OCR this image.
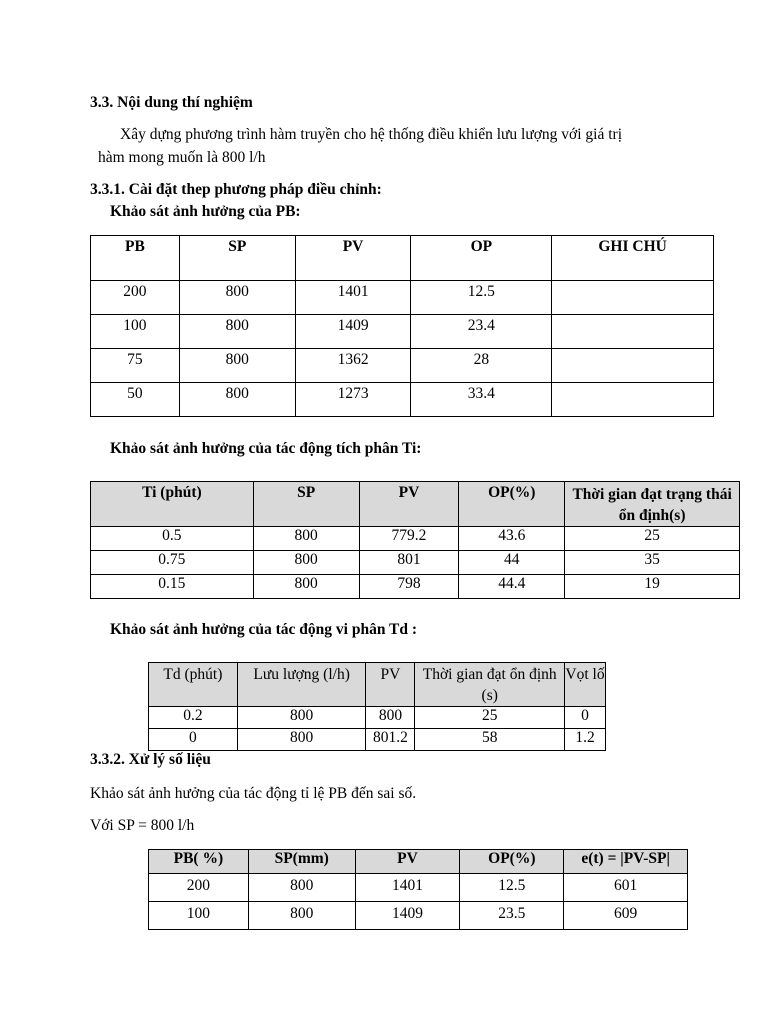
3.3. Nội dung thí nghiệm

Xây dựng phương trình hàm truyền cho hệ thống điều khiển lưu lượng với giá trị

hàm mong muốn là 800 l/h

3.3.1. Cài đặt thep phương pháp điều chỉnh:

Khảo sát ảnh hưởng của PB:

PB	SP	PV	OP	GHI CHÚ
200	800	1401	12.5	
100	800	1409	23.4	
75	800	1362	28	
50	800	1273	33.4	

Khảo sát ảnh hưởng của tác động tích phân Ti:

Ti (phút)	SP	PV	OP(%)	Thời gian đạt trạng thái ổn định(s)
0.5	800	779.2	43.6	25
0.75	800	801	44	35
0.15	800	798	44.4	19

Khảo sát ảnh hưởng của tác động vi phân Td :

Td (phút)	Lưu lượng (l/h)	PV	Thời gian đạt ổn định (s)	Vọt lố
0.2	800	800	25	0
0	800	801.2	58	1.2

3.3.2. Xử lý số liệu

Khảo sát ảnh hưởng của tác động tỉ lệ PB đến sai số.

Với SP = 800 l/h

PB( %)	SP(mm)	PV	OP(%)	e(t) = |PV-SP|
200	800	1401	12.5	601
100	800	1409	23.5	609
